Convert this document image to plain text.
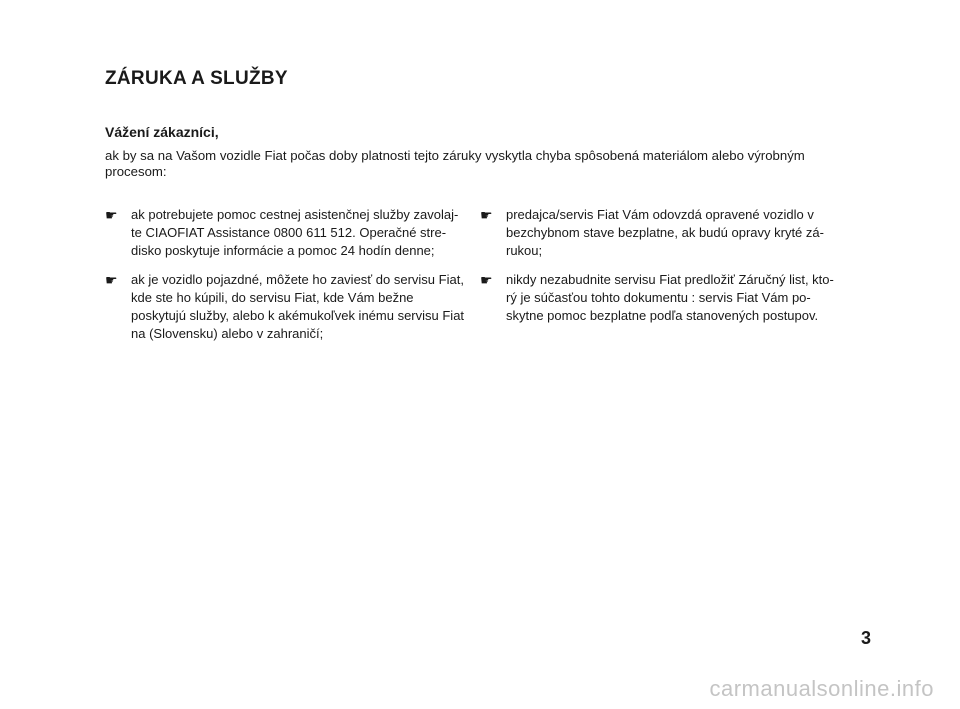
ZÁRUKA A SLUŽBY

Vážení zákazníci,

ak by sa na Vašom vozidle Fiat počas doby platnosti tejto záruky vyskytla chyba spôsobená materiálom alebo výrobným procesom:

☛ ak potrebujete pomoc cestnej asistenčnej služby zavolaj-te CIAOFIAT Assistance 0800 611 512. Operačné stre-disko poskytuje informácie a pomoc 24 hodín denne;

☛ ak je vozidlo pojazdné, môžete ho zaviesť do servisu Fiat, kde ste ho kúpili, do servisu Fiat, kde Vám bežne poskytujú služby, alebo k akémukoľvek inému servisu Fiat na (Slovensku) alebo v zahraničí;

☛ predajca/servis Fiat Vám odovzdá opravené vozidlo v bezchybnom stave bezplatne, ak budú opravy kryté zá-rukou;

☛ nikdy nezabudnite servisu Fiat predložiť Záručný list, kto-rý je súčasťou tohto dokumentu : servis Fiat Vám po-skytne pomoc bezplatne podľa stanovených postupov.

3

carmanualsonline.info
